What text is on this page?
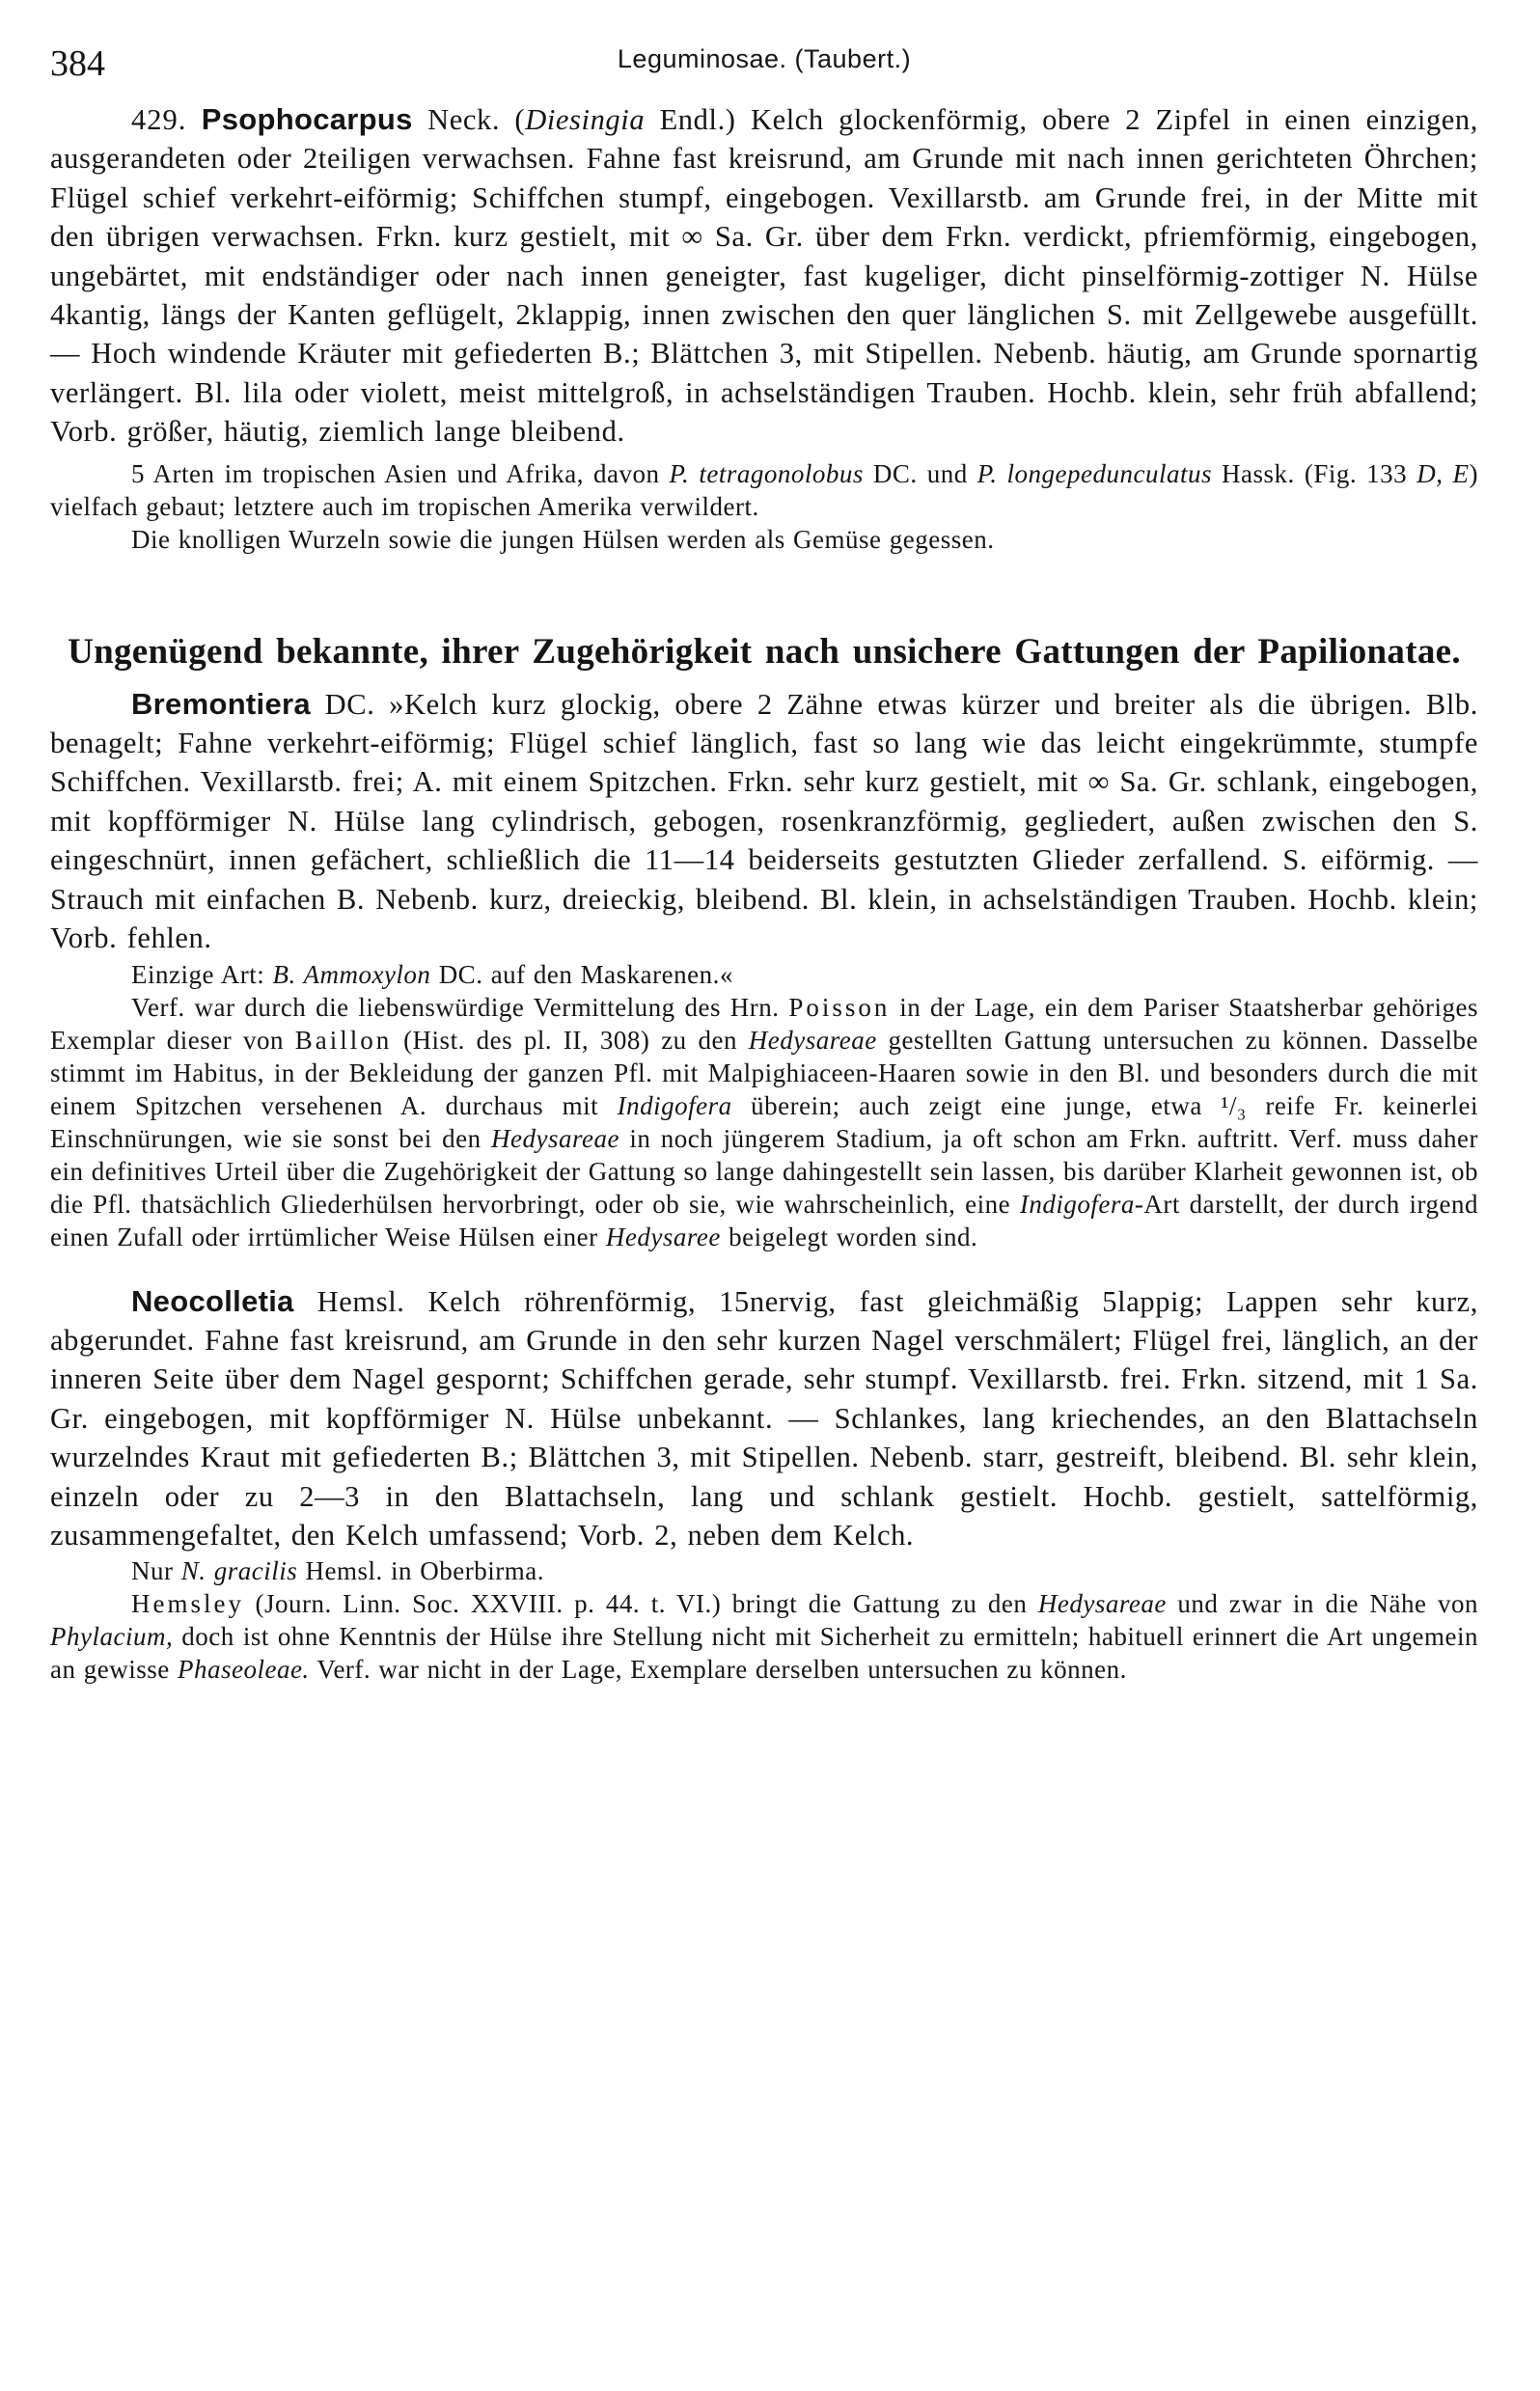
384	Leguminosae. (Taubert.)

429. Psophocarpus Neck. (Diesingia Endl.) Kelch glockenförmig, obere 2 Zipfel in einen einzigen, ausgerandeten oder 2teiligen verwachsen. Fahne fast kreisrund, am Grunde mit nach innen gerichteten Öhrchen; Flügel schief verkehrt-eiförmig; Schiffchen stumpf, eingebogen. Vexillarstb. am Grunde frei, in der Mitte mit den übrigen verwachsen. Frkn. kurz gestielt, mit ∞ Sa. Gr. über dem Frkn. verdickt, pfriemförmig, eingebogen, ungebärtet, mit endständiger oder nach innen geneigter, fast kugeliger, dicht pinselförmig-zottiger N. Hülse 4kantig, längs der Kanten geflügelt, 2klappig, innen zwischen den quer länglichen S. mit Zellgewebe ausgefüllt. — Hoch windende Kräuter mit gefiederten B.; Blättchen 3, mit Stipellen. Nebenb. häutig, am Grunde spornartig verlängert. Bl. lila oder violett, meist mittelgroß, in achselständigen Trauben. Hochb. klein, sehr früh abfallend; Vorb. größer, häutig, ziemlich lange bleibend.

5 Arten im tropischen Asien und Afrika, davon P. tetragonolobus DC. und P. longepedunculatus Hassk. (Fig. 133 D, E) vielfach gebaut; letztere auch im tropischen Amerika verwildert.

Die knolligen Wurzeln sowie die jungen Hülsen werden als Gemüse gegessen.

Ungenügend bekannte, ihrer Zugehörigkeit nach unsichere Gattungen der Papilionatae.

Bremontiera DC. »Kelch kurz glockig, obere 2 Zähne etwas kürzer und breiter als die übrigen. Blb. benagelt; Fahne verkehrt-eiförmig; Flügel schief länglich, fast so lang wie das leicht eingekrümmte, stumpfe Schiffchen. Vexillarstb. frei; A. mit einem Spitzchen. Frkn. sehr kurz gestielt, mit ∞ Sa. Gr. schlank, eingebogen, mit kopfförmiger N. Hülse lang cylindrisch, gebogen, rosenkranzförmig, gegliedert, außen zwischen den S. eingeschnürt, innen gefächert, schließlich die 11—14 beiderseits gestutzten Glieder zerfallend. S. eiförmig. — Strauch mit einfachen B. Nebenb. kurz, dreieckig, bleibend. Bl. klein, in achselständigen Trauben. Hochb. klein; Vorb. fehlen.

Einzige Art: B. Ammoxylon DC. auf den Maskarenen.«

Verf. war durch die liebenswürdige Vermittelung des Hrn. Poisson in der Lage, ein dem Pariser Staatsherbar gehöriges Exemplar dieser von Baillon (Hist. des pl. II, 308) zu den Hedysareae gestellten Gattung untersuchen zu können. Dasselbe stimmt im Habitus, in der Bekleidung der ganzen Pfl. mit Malpighiaceen-Haaren sowie in den Bl. und besonders durch die mit einem Spitzchen versehenen A. durchaus mit Indigofera überein; auch zeigt eine junge, etwa ¹/₃ reife Fr. keinerlei Einschnürungen, wie sie sonst bei den Hedysareae in noch jüngerem Stadium, ja oft schon am Frkn. auftritt. Verf. muss daher ein definitives Urteil über die Zugehörigkeit der Gattung so lange dahingestellt sein lassen, bis darüber Klarheit gewonnen ist, ob die Pfl. thatsächlich Gliederhülsen hervorbringt, oder ob sie, wie wahrscheinlich, eine Indigofera-Art darstellt, der durch irgend einen Zufall oder irrtümlicher Weise Hülsen einer Hedysaree beigelegt worden sind.

Neocolletia Hemsl. Kelch röhrenförmig, 15nervig, fast gleichmäßig 5lappig; Lappen sehr kurz, abgerundet. Fahne fast kreisrund, am Grunde in den sehr kurzen Nagel verschmälert; Flügel frei, länglich, an der inneren Seite über dem Nagel gespornt; Schiffchen gerade, sehr stumpf. Vexillarstb. frei. Frkn. sitzend, mit 1 Sa. Gr. eingebogen, mit kopfförmiger N. Hülse unbekannt. — Schlankes, lang kriechendes, an den Blattachseln wurzelndes Kraut mit gefiederten B.; Blättchen 3, mit Stipellen. Nebenb. starr, gestreift, bleibend. Bl. sehr klein, einzeln oder zu 2—3 in den Blattachseln, lang und schlank gestielt. Hochb. gestielt, sattelförmig, zusammengefaltet, den Kelch umfassend; Vorb. 2, neben dem Kelch.

Nur N. gracilis Hemsl. in Oberbirma.

Hemsley (Journ. Linn. Soc. XXVIII. p. 44. t. VI.) bringt die Gattung zu den Hedysareae und zwar in die Nähe von Phylacium, doch ist ohne Kenntnis der Hülse ihre Stellung nicht mit Sicherheit zu ermitteln; habituell erinnert die Art ungemein an gewisse Phaseoleae. Verf. war nicht in der Lage, Exemplare derselben untersuchen zu können.
